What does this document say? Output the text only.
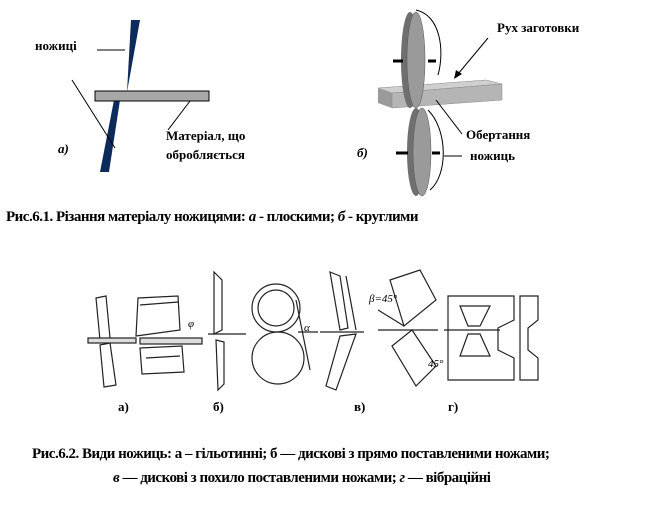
ножиці
а)
Матеріал, що
обробляється
Рух заготовки
б)
Обертання
ножиць
Рис.6.1. Різання матеріалу ножицями: а - плоскими; б - круглими
β=45°
45°
α
φ
а)	б)	в)	г)
Рис.6.2. Види ножиць: а – гільотинні; б — дискові з прямо поставленими ножами;
в — дискові з похило поставленими ножами; г — вібраційні
